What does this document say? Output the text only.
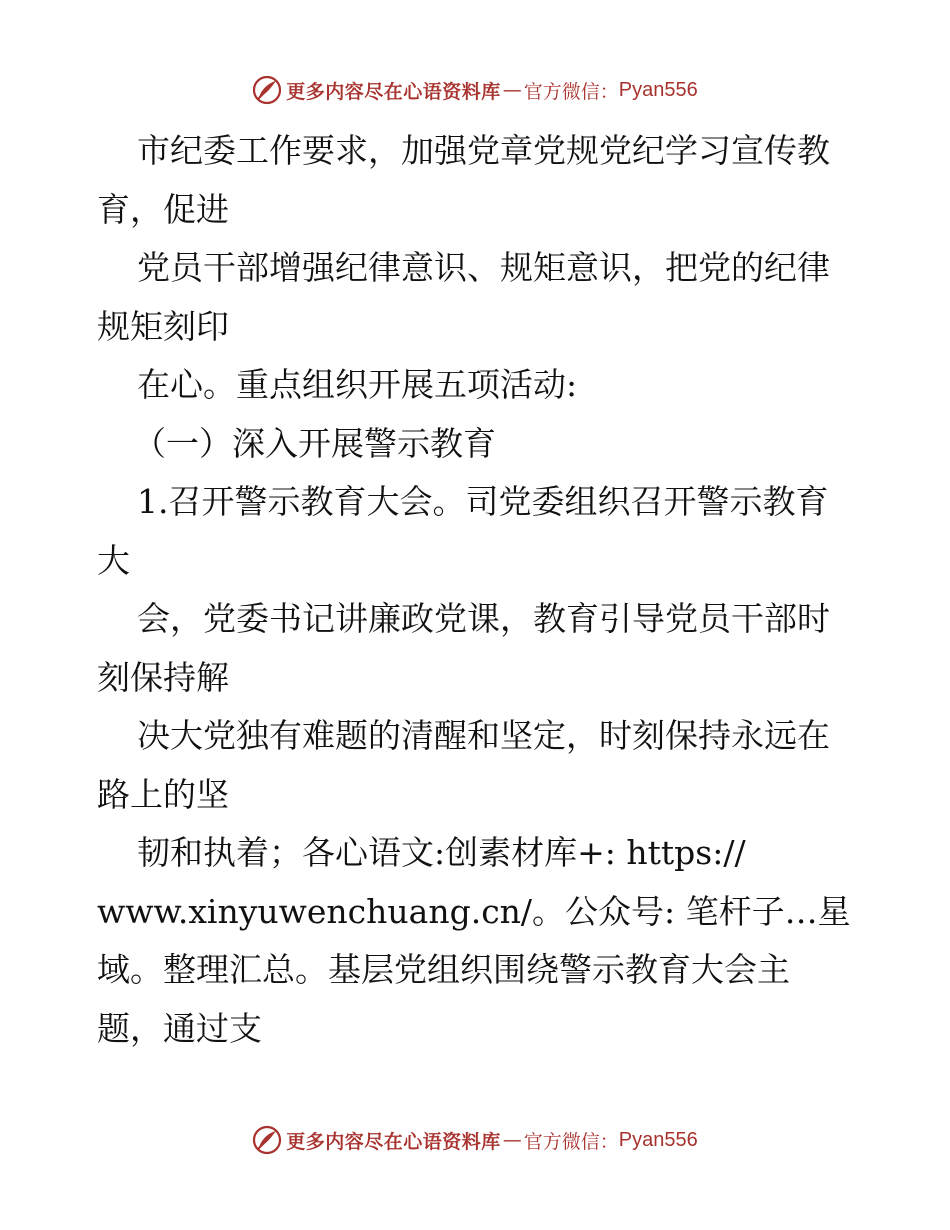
更多内容尽在心语资料库 — 官方微信： Pyan556
市纪委工作要求，加强党章党规党纪学习宣传教
育，促进
党员干部增强纪律意识、规矩意识，把党的纪律
规矩刻印
在心。重点组织开展五项活动:
（一）深入开展警示教育
1.召开警示教育大会。司党委组织召开警示教育
大
会，党委书记讲廉政党课，教育引导党员干部时
刻保持解
决大党独有难题的清醒和坚定，时刻保持永远在
路上的坚
韧和执着；各心语文:创素材库+: https://
www.xinyuwenchuang.cn/。公众号: 笔杆子…星
域。整理汇总。基层党组织围绕警示教育大会主
题，通过支
更多内容尽在心语资料库 — 官方微信： Pyan556
